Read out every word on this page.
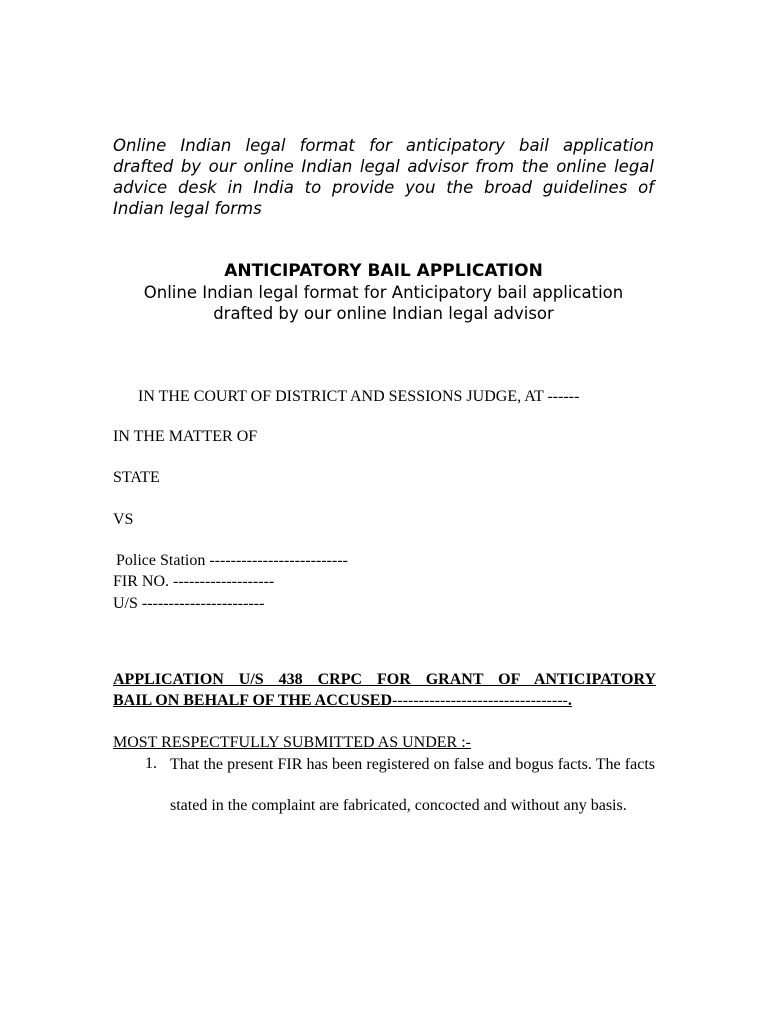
Online Indian legal format for anticipatory bail application drafted by our online Indian legal advisor from the online legal advice desk in India to provide you the broad guidelines of Indian legal forms
ANTICIPATORY BAIL APPLICATION
Online Indian legal format for Anticipatory bail application
drafted by our online Indian legal advisor
IN THE COURT OF DISTRICT AND SESSIONS JUDGE, AT ------
IN THE MATTER OF
STATE
VS
Police Station --------------------------
FIR NO. -------------------
U/S -----------------------
APPLICATION U/S 438 CRPC FOR GRANT OF ANTICIPATORY
BAIL ON BEHALF OF THE ACCUSED---------------------------------.
MOST RESPECTFULLY SUBMITTED AS UNDER :-
1. That the present FIR has been registered on false and bogus facts. The facts stated in the complaint are fabricated, concocted and without any basis.
